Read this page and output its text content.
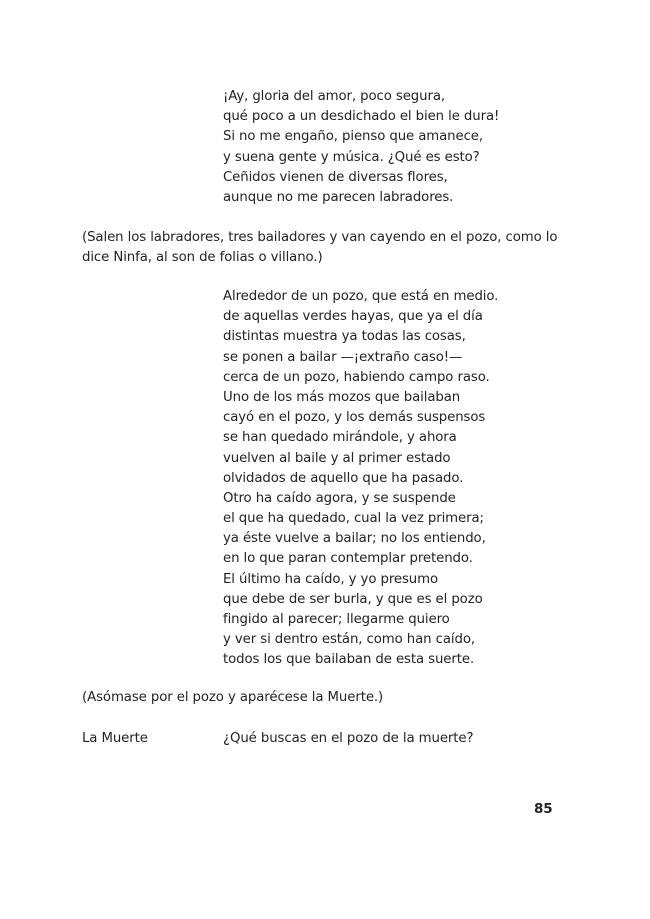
¡Ay, gloria del amor, poco segura,
qué poco a un desdichado el bien le dura!
Si no me engaño, pienso que amanece,
y suena gente y música. ¿Qué es esto?
Ceñidos vienen de diversas flores,
aunque no me parecen labradores.

(Salen los labradores, tres bailadores y van cayendo en el pozo, como lo dice Ninfa, al son de folias o villano.)

Alrededor de un pozo, que está en medio.
de aquellas verdes hayas, que ya el día
distintas muestra ya todas las cosas,
se ponen a bailar —¡extraño caso!—
cerca de un pozo, habiendo campo raso.
Uno de los más mozos que bailaban
cayó en el pozo, y los demás suspensos
se han quedado mirándole, y ahora
vuelven al baile y al primer estado
olvidados de aquello que ha pasado.
Otro ha caído agora, y se suspende
el que ha quedado, cual la vez primera;
ya éste vuelve a bailar; no los entiendo,
en lo que paran contemplar pretendo.
El último ha caído, y yo presumo
que debe de ser burla, y que es el pozo
fingido al parecer; llegarme quiero
y ver si dentro están, como han caído,
todos los que bailaban de esta suerte.

(Asómase por el pozo y aparécese la Muerte.)

La Muerte	¿Qué buscas en el pozo de la muerte?
85
